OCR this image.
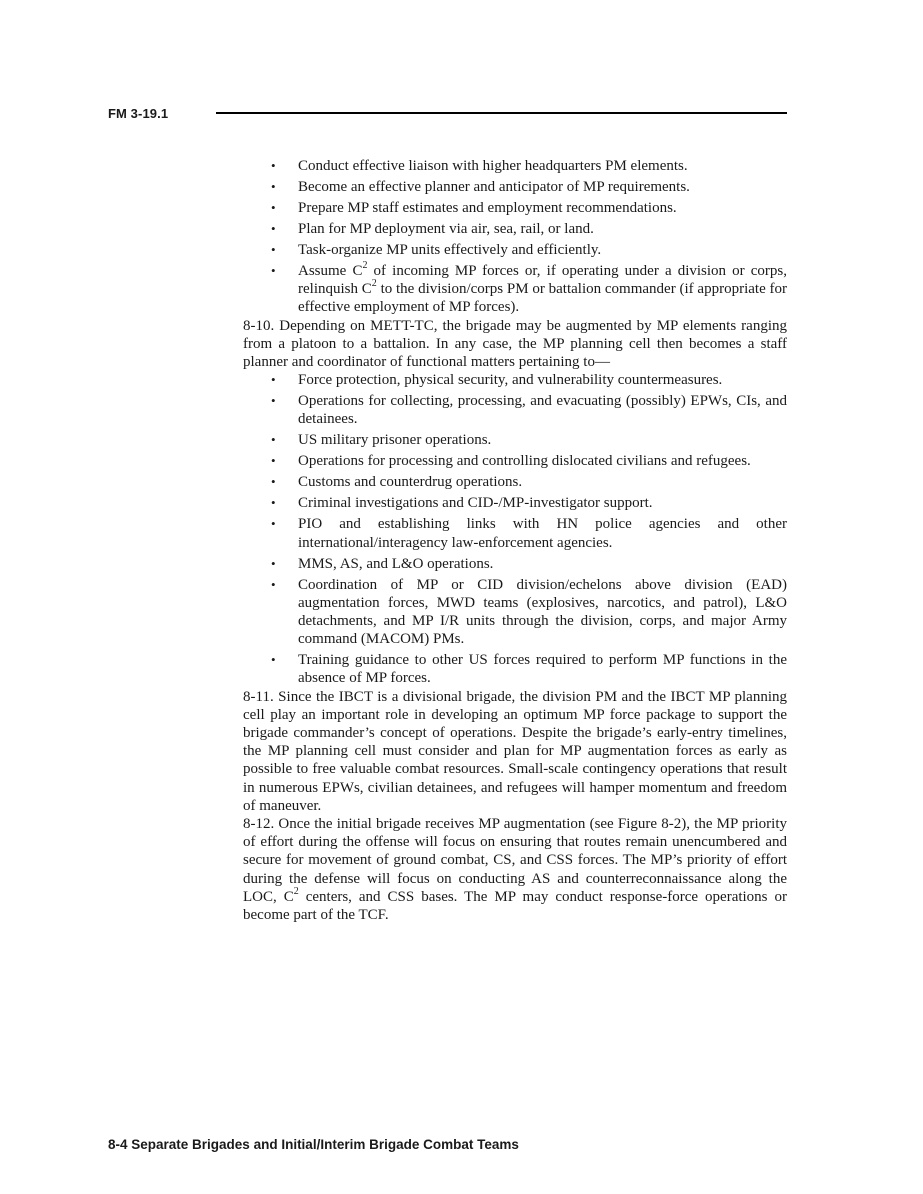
FM 3-19.1
• Conduct effective liaison with higher headquarters PM elements.
• Become an effective planner and anticipator of MP requirements.
• Prepare MP staff estimates and employment recommendations.
• Plan for MP deployment via air, sea, rail, or land.
• Task-organize MP units effectively and efficiently.
• Assume $C^2$ of incoming MP forces or, if operating under a division or corps, relinquish $C^2$ to the division/corps PM or battalion commander (if appropriate for effective employment of MP forces).

8-10. Depending on METT-TC, the brigade may be augmented by MP elements ranging from a platoon to a battalion. In any case, the MP planning cell then becomes a staff planner and coordinator of functional matters pertaining to—

• Force protection, physical security, and vulnerability countermeasures.
• Operations for collecting, processing, and evacuating (possibly) EPWs, CIs, and detainees.
• US military prisoner operations.
• Operations for processing and controlling dislocated civilians and refugees.
• Customs and counterdrug operations.
• Criminal investigations and CID-/MP-investigator support.
• PIO and establishing links with HN police agencies and other international/interagency law-enforcement agencies.
• MMS, AS, and L&O operations.
• Coordination of MP or CID division/echelons above division (EAD) augmentation forces, MWD teams (explosives, narcotics, and patrol), L&O detachments, and MP I/R units through the division, corps, and major Army command (MACOM) PMs.
• Training guidance to other US forces required to perform MP functions in the absence of MP forces.

8-11. Since the IBCT is a divisional brigade, the division PM and the IBCT MP planning cell play an important role in developing an optimum MP force package to support the brigade commander’s concept of operations. Despite the brigade’s early-entry timelines, the MP planning cell must consider and plan for MP augmentation forces as early as possible to free valuable combat resources. Small-scale contingency operations that result in numerous EPWs, civilian detainees, and refugees will hamper momentum and freedom of maneuver.

8-12. Once the initial brigade receives MP augmentation (see Figure 8-2), the MP priority of effort during the offense will focus on ensuring that routes remain unencumbered and secure for movement of ground combat, CS, and CSS forces. The MP’s priority of effort during the defense will focus on conducting AS and counterreconnaissance along the LOC, $C^2$ centers, and CSS bases. The MP may conduct response-force operations or become part of the TCF.

8-4 Separate Brigades and Initial/Interim Brigade Combat Teams
